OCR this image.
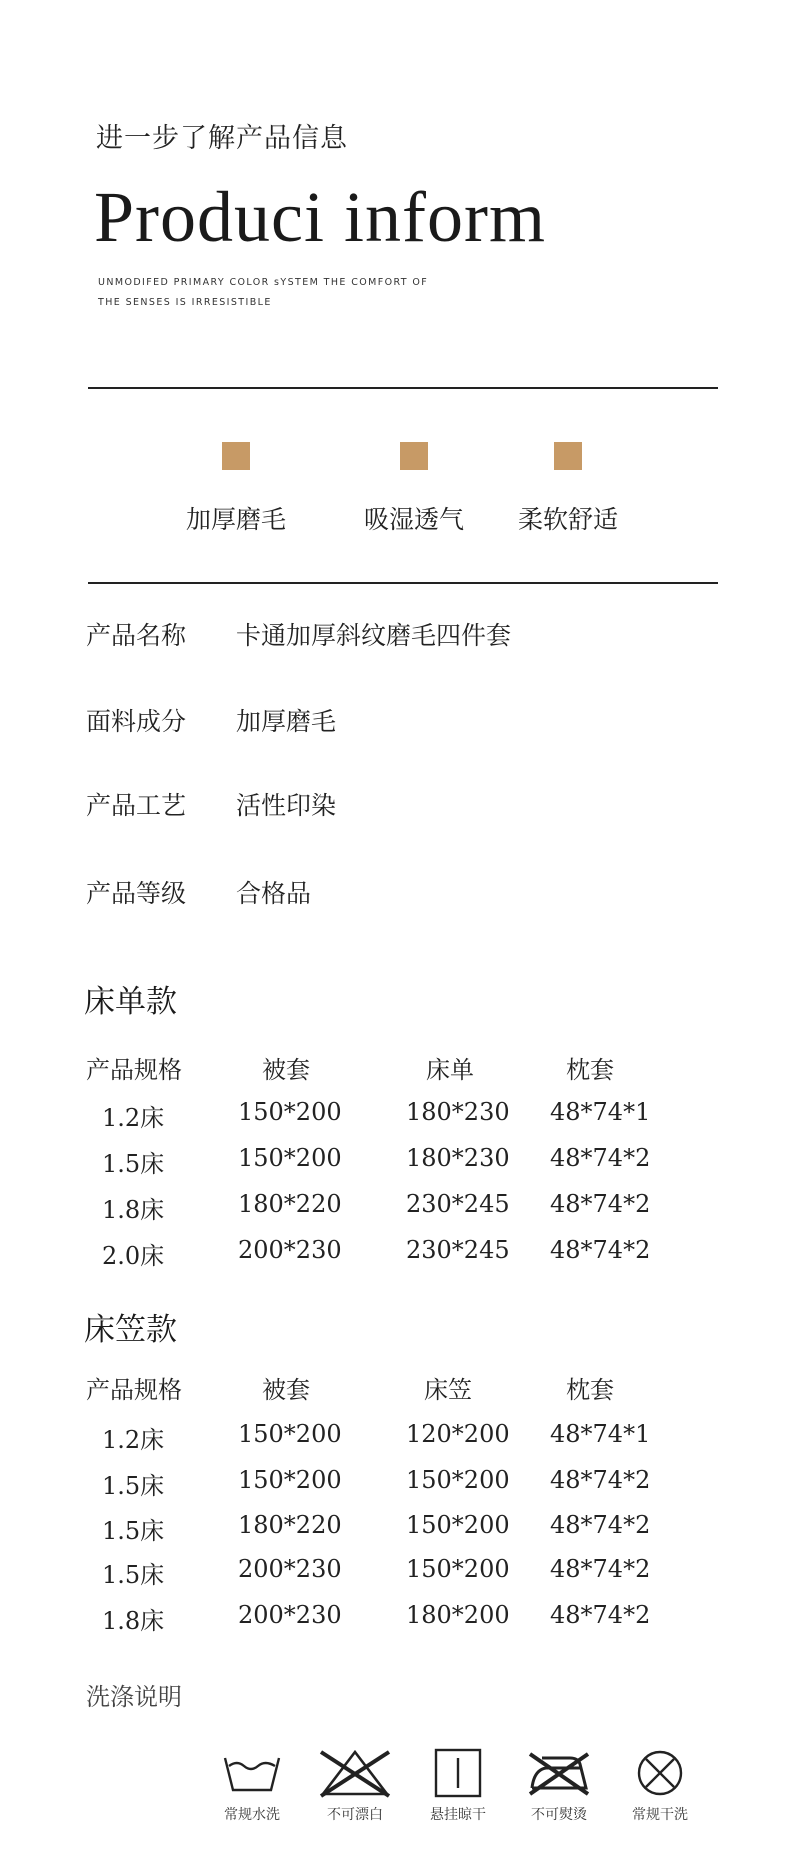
进一步了解产品信息
Produci inform
UNMODIFED PRIMARY COLOR sYSTEM THE COMFORT OF
THE SENSES IS IRRESISTIBLE
加厚磨毛	吸湿透气	柔软舒适
产品名称 卡通加厚斜纹磨毛四件套
面料成分 加厚磨毛
产品工艺 活性印染
产品等级 合格品
床单款
产品规格	被套	床单	枕套
1.2床	150*200	180*230 48*74*1
1.5床	150*200	180*230 48*74*2
1.8床	180*220	230*245 48*74*2
2.0床	200*230	230*245 48*74*2
床笠款
产品规格	被套	床笠	枕套
1.2床	150*200	120*200 48*74*1
1.5床	150*200	150*200 48*74*2
1.5床	180*220	150*200 48*74*2
1.5床	200*230	150*200 48*74*2
1.8床	200*230	180*200 48*74*2
洗涤说明
常规水洗	不可漂白	悬挂晾干	不可熨烫	常规干洗
